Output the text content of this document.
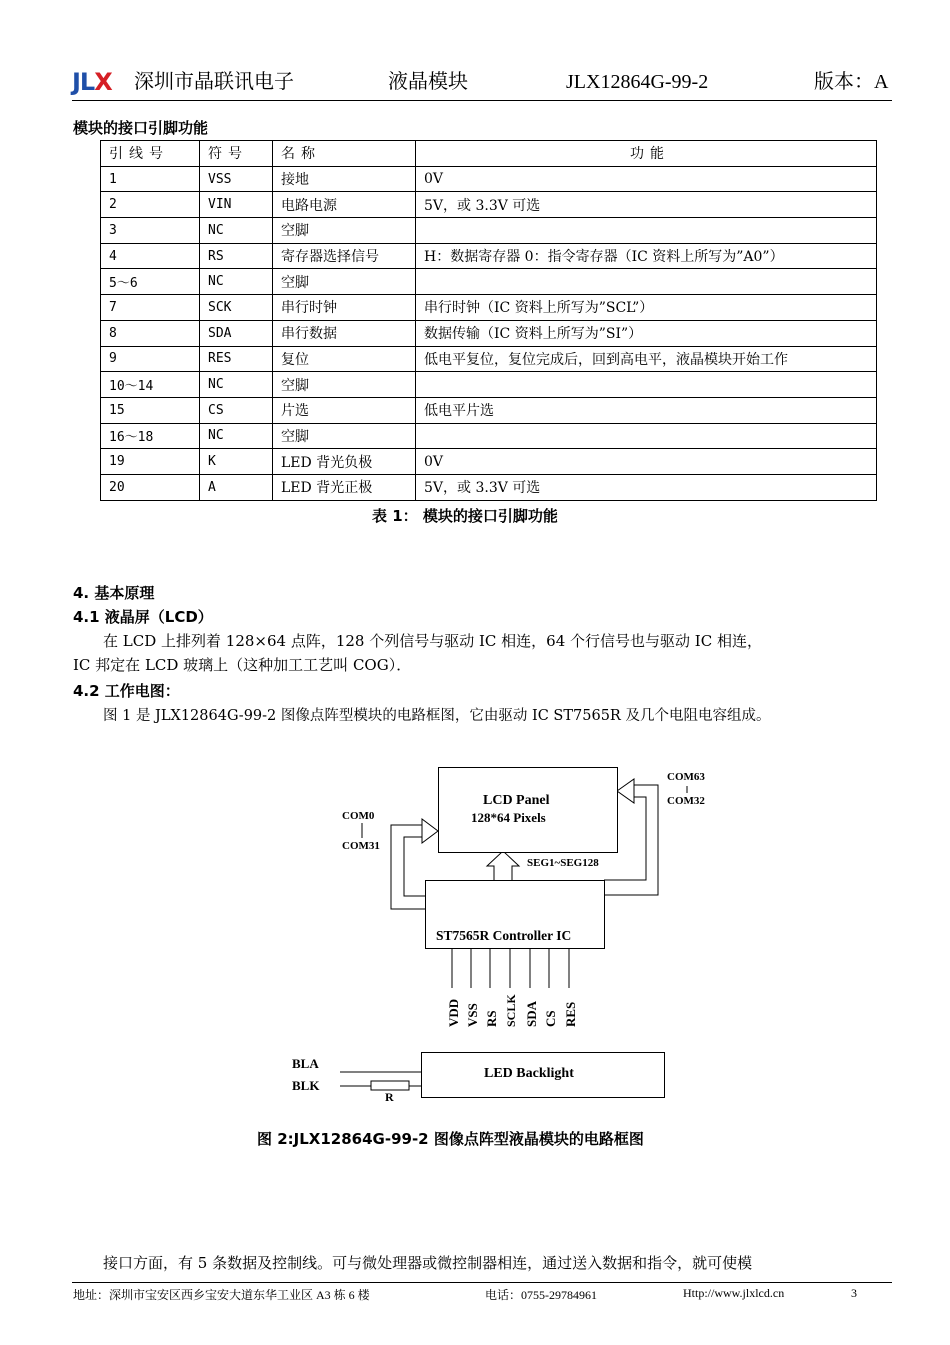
JLX 深圳市晶联讯电子	液晶模块	JLX12864G-99-2	版本：A
模块的接口引脚功能
引线号	符号	名称	功能
1	VSS	接地	0V
2	VIN	电路电源	5V，或 3.3V 可选
3	NC	空脚	
4	RS	寄存器选择信号	H：数据寄存器 0：指令寄存器（IC 资料上所写为”A0”）
5～6	NC	空脚	
7	SCK	串行时钟	串行时钟（IC 资料上所写为”SCL”）
8	SDA	串行数据	数据传输（IC 资料上所写为”SI”）
9	RES	复位	低电平复位，复位完成后，回到高电平，液晶模块开始工作
10～14	NC	空脚	
15	CS	片选	低电平片选
16～18	NC	空脚	
19	K	LED 背光负极	0V
20	A	LED 背光正极	5V，或 3.3V 可选
表 1： 模块的接口引脚功能
4. 基本原理
4.1 液晶屏（LCD）
在 LCD 上排列着 128×64 点阵，128 个列信号与驱动 IC 相连，64 个行信号也与驱动 IC 相连，
IC 邦定在 LCD 玻璃上（这种加工工艺叫 COG）．
4.2 工作电图：
图 1 是 JLX12864G-99-2 图像点阵型模块的电路框图，它由驱动 IC ST7565R 及几个电阻电容组成。
LCD Panel
128*64 Pixels
COM63
COM32
COM0
COM31
SEG1~SEG128
ST7565R Controller IC
VDD VSS RS SCLK SDA CS RES
BLA
BLK
R
LED Backlight
图 2:JLX12864G-99-2 图像点阵型液晶模块的电路框图
接口方面，有 5 条数据及控制线。可与微处理器或微控制器相连，通过送入数据和指令，就可使模
地址：深圳市宝安区西乡宝安大道东华工业区 A3 栋 6 楼	电话：0755-29784961	Http://www.jlxlcd.cn	3
